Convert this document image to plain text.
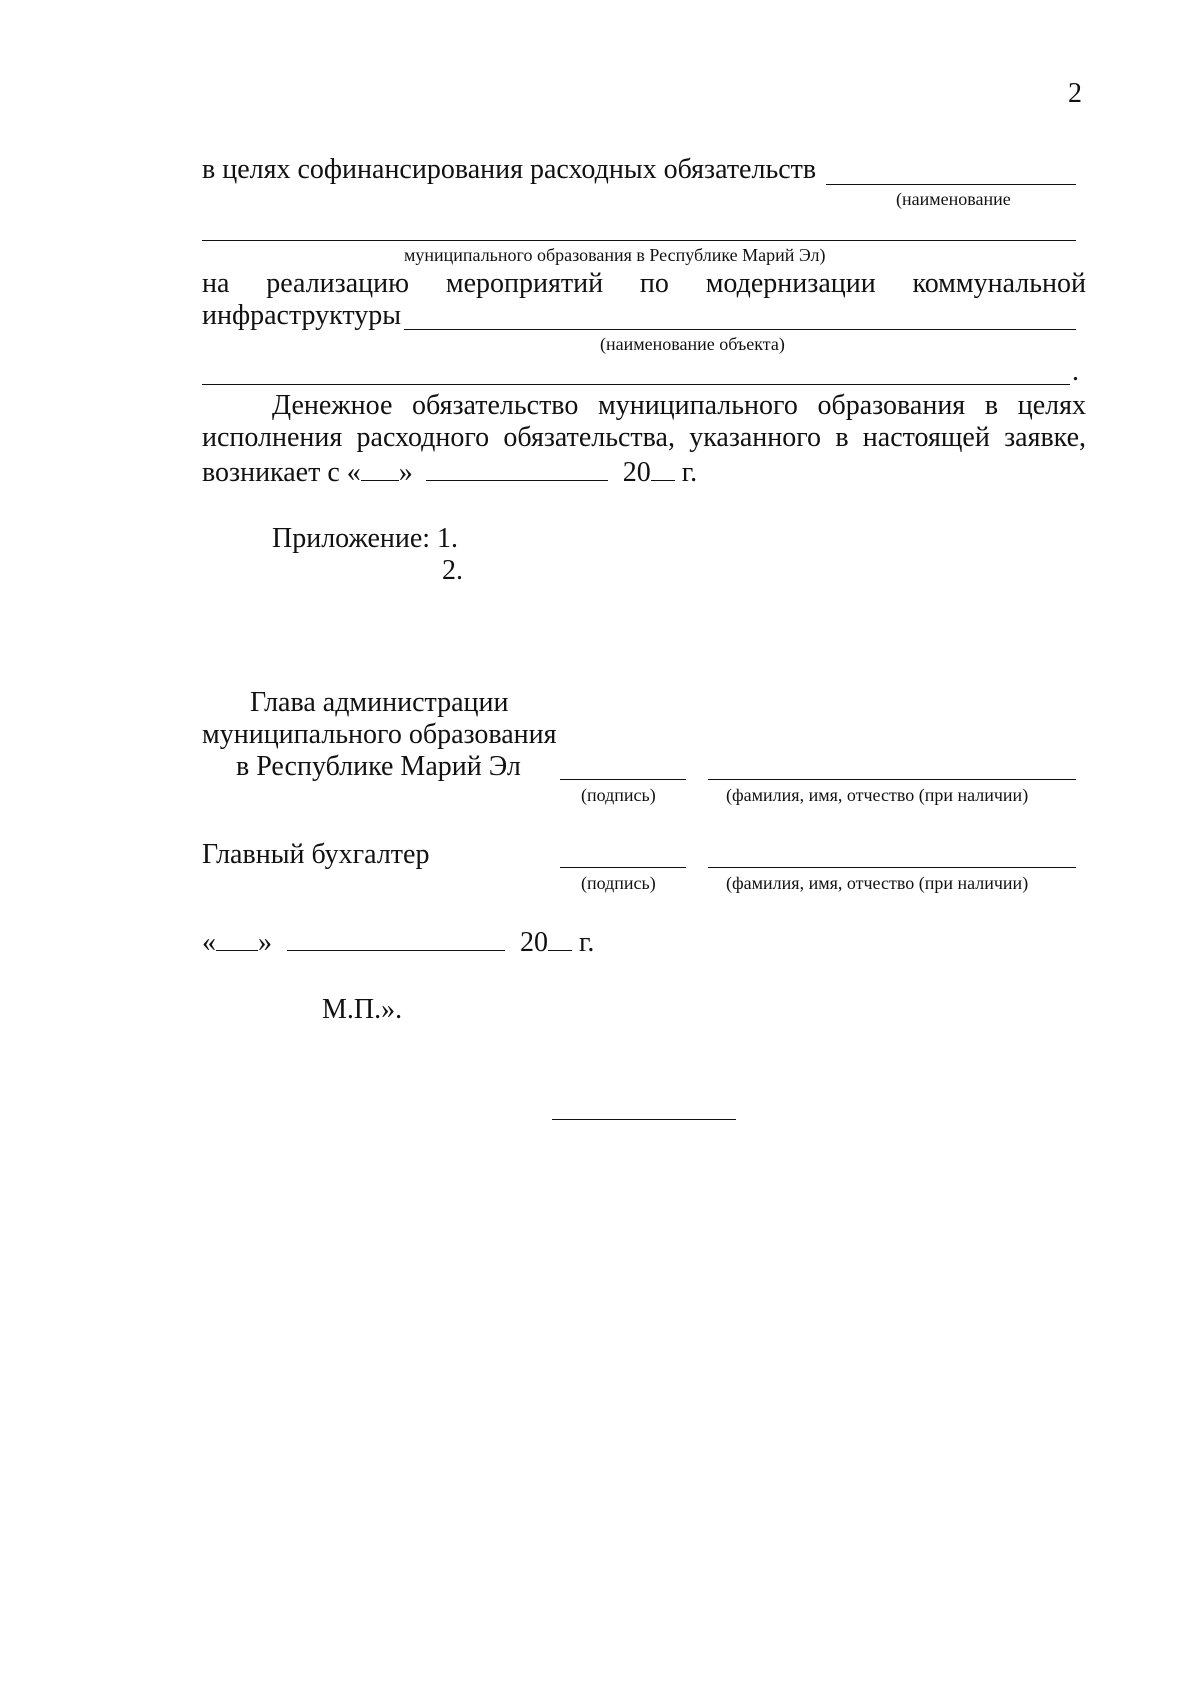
2
в целях софинансирования расходных обязательств
(наименование
муниципального образования в Республике Марий Эл)
на реализацию мероприятий по модернизации коммунальной
инфраструктуры
(наименование объекта)
.
Денежное обязательство муниципального образования в целях
исполнения расходного обязательства, указанного в настоящей заявке,
возникает с « »	20 г.
Приложение: 1.
2.
Глава администрации
муниципального образования
в Республике Марий Эл
(подпись)	(фамилия, имя, отчество (при наличии)
Главный бухгалтер
(подпись)	(фамилия, имя, отчество (при наличии)
« »	20 г.
М.П.».
